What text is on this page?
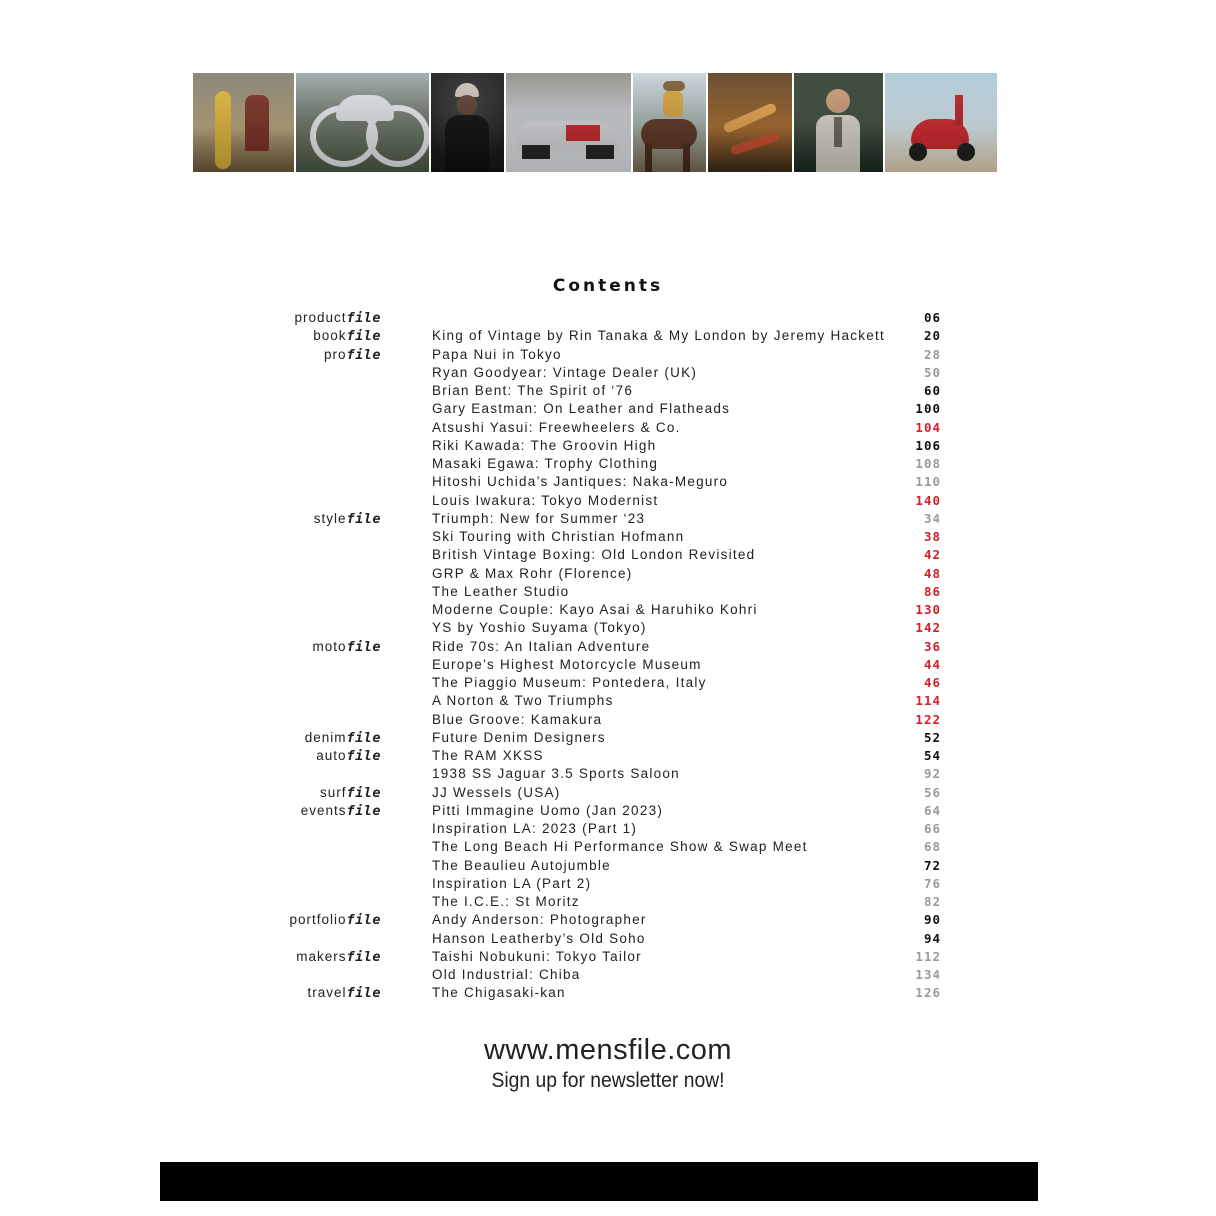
Contents
productfile	06
bookfile	King of Vintage by Rin Tanaka & My London by Jeremy Hackett	20
profile	Papa Nui in Tokyo	28
Ryan Goodyear: Vintage Dealer (UK)	50
Brian Bent: The Spirit of ‘76	60
Gary Eastman: On Leather and Flatheads	100
Atsushi Yasui: Freewheelers & Co.	104
Riki Kawada: The Groovin High	106
Masaki Egawa: Trophy Clothing	108
Hitoshi Uchida’s Jantiques: Naka-Meguro	110
Louis Iwakura: Tokyo Modernist	140
stylefile	Triumph: New for Summer ‘23	34
Ski Touring with Christian Hofmann	38
British Vintage Boxing: Old London Revisited	42
GRP & Max Rohr (Florence)	48
The Leather Studio	86
Moderne Couple: Kayo Asai & Haruhiko Kohri	130
YS by Yoshio Suyama (Tokyo)	142
motofile	Ride 70s: An Italian Adventure	36
Europe’s Highest Motorcycle Museum	44
The Piaggio Museum: Pontedera, Italy	46
A Norton & Two Triumphs	114
Blue Groove: Kamakura	122
denimfile	Future Denim Designers	52
autofile	The RAM XKSS	54
1938 SS Jaguar 3.5 Sports Saloon	92
surffile	JJ Wessels (USA)	56
eventsfile	Pitti Immagine Uomo (Jan 2023)	64
Inspiration LA: 2023 (Part 1)	66
The Long Beach Hi Performance Show & Swap Meet	68
The Beaulieu Autojumble	72
Inspiration LA (Part 2)	76
The I.C.E.: St Moritz	82
portfoliofile	Andy Anderson: Photographer	90
Hanson Leatherby’s Old Soho	94
makersfile	Taishi Nobukuni: Tokyo Tailor	112
Old Industrial: Chiba	134
travelfile	The Chigasaki-kan	126
www.mensfile.com
Sign up for newsletter now!
